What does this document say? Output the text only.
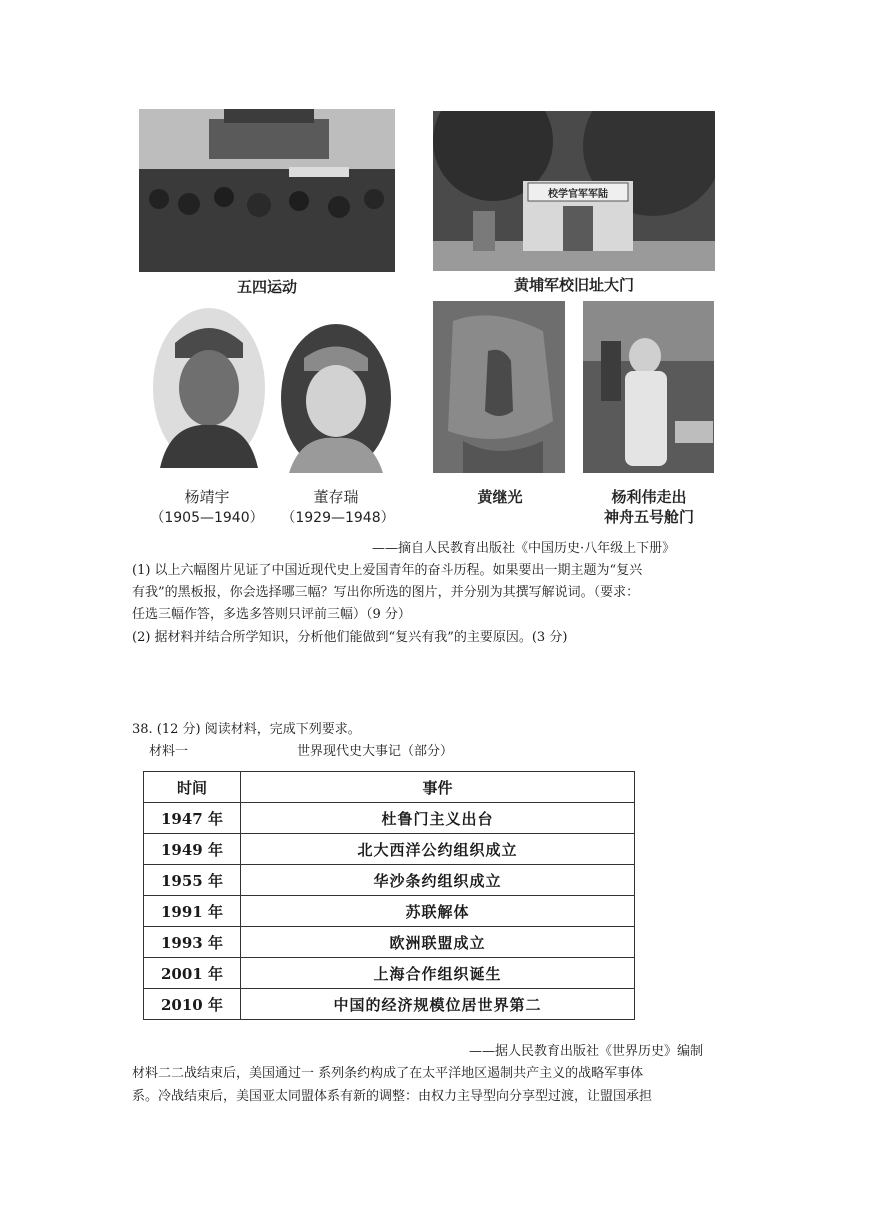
五四运动
校学官军军陆
黄埔军校旧址大门
杨靖宇
（1905—1940）
董存瑞
（1929—1948）
黄继光	杨利伟走出
神舟五号舱门
——摘自人民教育出版社《中国历史·八年级上下册》
(1) 以上六幅图片见证了中国近现代史上爱国青年的奋斗历程。如果要出一期主题为“复兴
有我”的黑板报，你会选择哪三幅？写出你所选的图片，并分别为其撰写解说词。（要求：
任选三幅作答，多选多答则只评前三幅）（9 分）
(2) 据材料并结合所学知识，分析他们能做到“复兴有我”的主要原因。(3 分)
38. (12 分) 阅读材料，完成下列要求。
材料一	世界现代史大事记（部分）
时间	事件
1947 年	杜鲁门主义出台
1949 年	北大西洋公约组织成立
1955 年	华沙条约组织成立
1991 年	苏联解体
1993 年	欧洲联盟成立
2001 年	上海合作组织诞生
2010 年	中国的经济规模位居世界第二
——据人民教育出版社《世界历史》编制
材料二二战结束后，美国通过一 系列条约构成了在太平洋地区遏制共产主义的战略军事体
系。冷战结束后，美国亚太同盟体系有新的调整：由权力主导型向分享型过渡，让盟国承担
